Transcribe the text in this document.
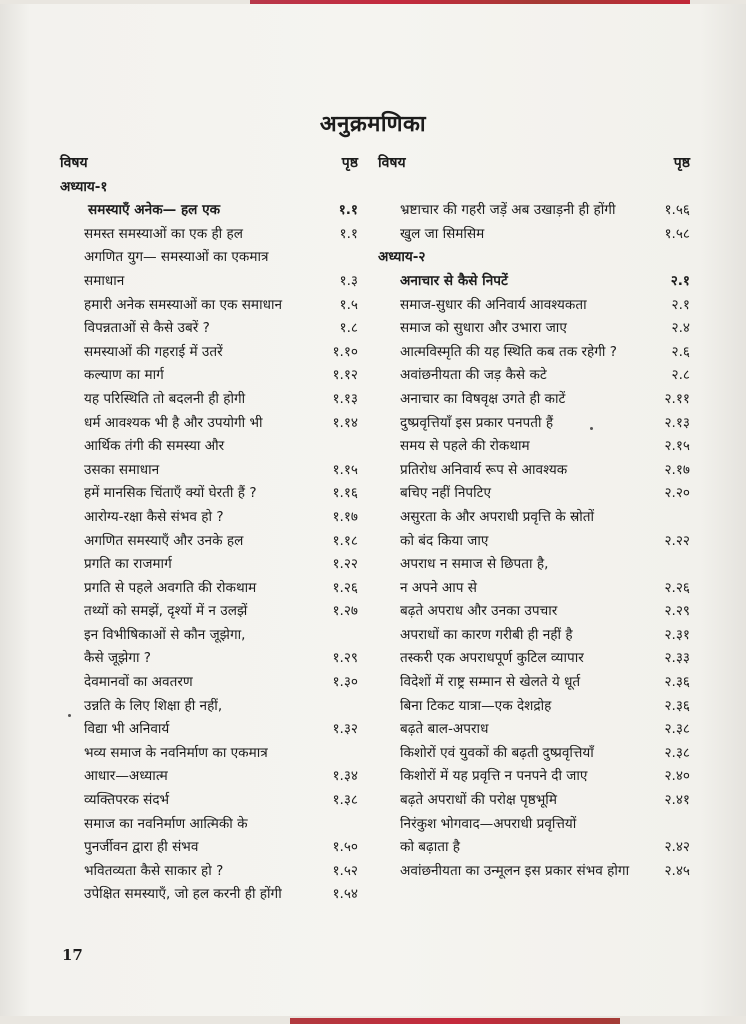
अनुक्रमणिका
विषय	पृष्ठ
अध्याय-१
समस्याएँ अनेक— हल एक	१.१
समस्त समस्याओं का एक ही हल	१.१
अगणित युग— समस्याओं का एकमात्र
समाधान	१.३
हमारी अनेक समस्याओं का एक समाधान	१.५
विपन्नताओं से कैसे उबरें ?	१.८
समस्याओं की गहराई में उतरें	१.१०
कल्याण का मार्ग	१.१२
यह परिस्थिति तो बदलनी ही होगी	१.१३
धर्म आवश्यक भी है और उपयोगी भी	१.१४
आर्थिक तंगी की समस्या और
उसका समाधान	१.१५
हमें मानसिक चिंताएँ क्यों घेरती हैं ?	१.१६
आरोग्य-रक्षा कैसे संभव हो ?	१.१७
अगणित समस्याएँ और उनके हल	१.१८
प्रगति का राजमार्ग	१.२२
प्रगति से पहले अवगति की रोकथाम	१.२६
तथ्यों को समझें, दृश्यों में न उलझें	१.२७
इन विभीषिकाओं से कौन जूझेगा,
कैसे जूझेगा ?	१.२९
देवमानवों का अवतरण	१.३०
उन्नति के लिए शिक्षा ही नहीं,
विद्या भी अनिवार्य	१.३२
भव्य समाज के नवनिर्माण का एकमात्र
आधार—अध्यात्म	१.३४
व्यक्तिपरक संदर्भ	१.३८
समाज का नवनिर्माण आत्मिकी के
पुनर्जीवन द्वारा ही संभव	१.५०
भवितव्यता कैसे साकार हो ?	१.५२
उपेक्षित समस्याएँ, जो हल करनी ही होंगी	१.५४
विषय	पृष्ठ
भ्रष्टाचार की गहरी जड़ें अब उखाड़नी ही होंगी	१.५६
खुल जा सिमसिम	१.५८
अध्याय-२
अनाचार से कैसे निपटें	२.१
समाज-सुधार की अनिवार्य आवश्यकता	२.१
समाज को सुधारा और उभारा जाए	२.४
आत्मविस्मृति की यह स्थिति कब तक रहेगी ?	२.६
अवांछनीयता की जड़ कैसे कटे	२.८
अनाचार का विषवृक्ष उगते ही काटें	२.११
दुष्प्रवृत्तियाँ इस प्रकार पनपती हैं	२.१३
समय से पहले की रोकथाम	२.१५
प्रतिरोध अनिवार्य रूप से आवश्यक	२.१७
बचिए नहीं निपटिए	२.२०
असुरता के और अपराधी प्रवृत्ति के स्रोतों
को बंद किया जाए	२.२२
अपराध न समाज से छिपता है,
न अपने आप से	२.२६
बढ़ते अपराध और उनका उपचार	२.२९
अपराधों का कारण गरीबी ही नहीं है	२.३१
तस्करी एक अपराधपूर्ण कुटिल व्यापार	२.३३
विदेशों में राष्ट्र सम्मान से खेलते ये धूर्त	२.३६
बिना टिकट यात्रा—एक देशद्रोह	२.३६
बढ़ते बाल-अपराध	२.३८
किशोरों एवं युवकों की बढ़ती दुष्प्रवृत्तियाँ	२.३८
किशोरों में यह प्रवृत्ति न पनपने दी जाए	२.४०
बढ़ते अपराधों की परोक्ष पृष्ठभूमि	२.४१
निरंकुश भोगवाद—अपराधी प्रवृत्तियों
को बढ़ाता है	२.४२
अवांछनीयता का उन्मूलन इस प्रकार संभव होगा	२.४५
17
